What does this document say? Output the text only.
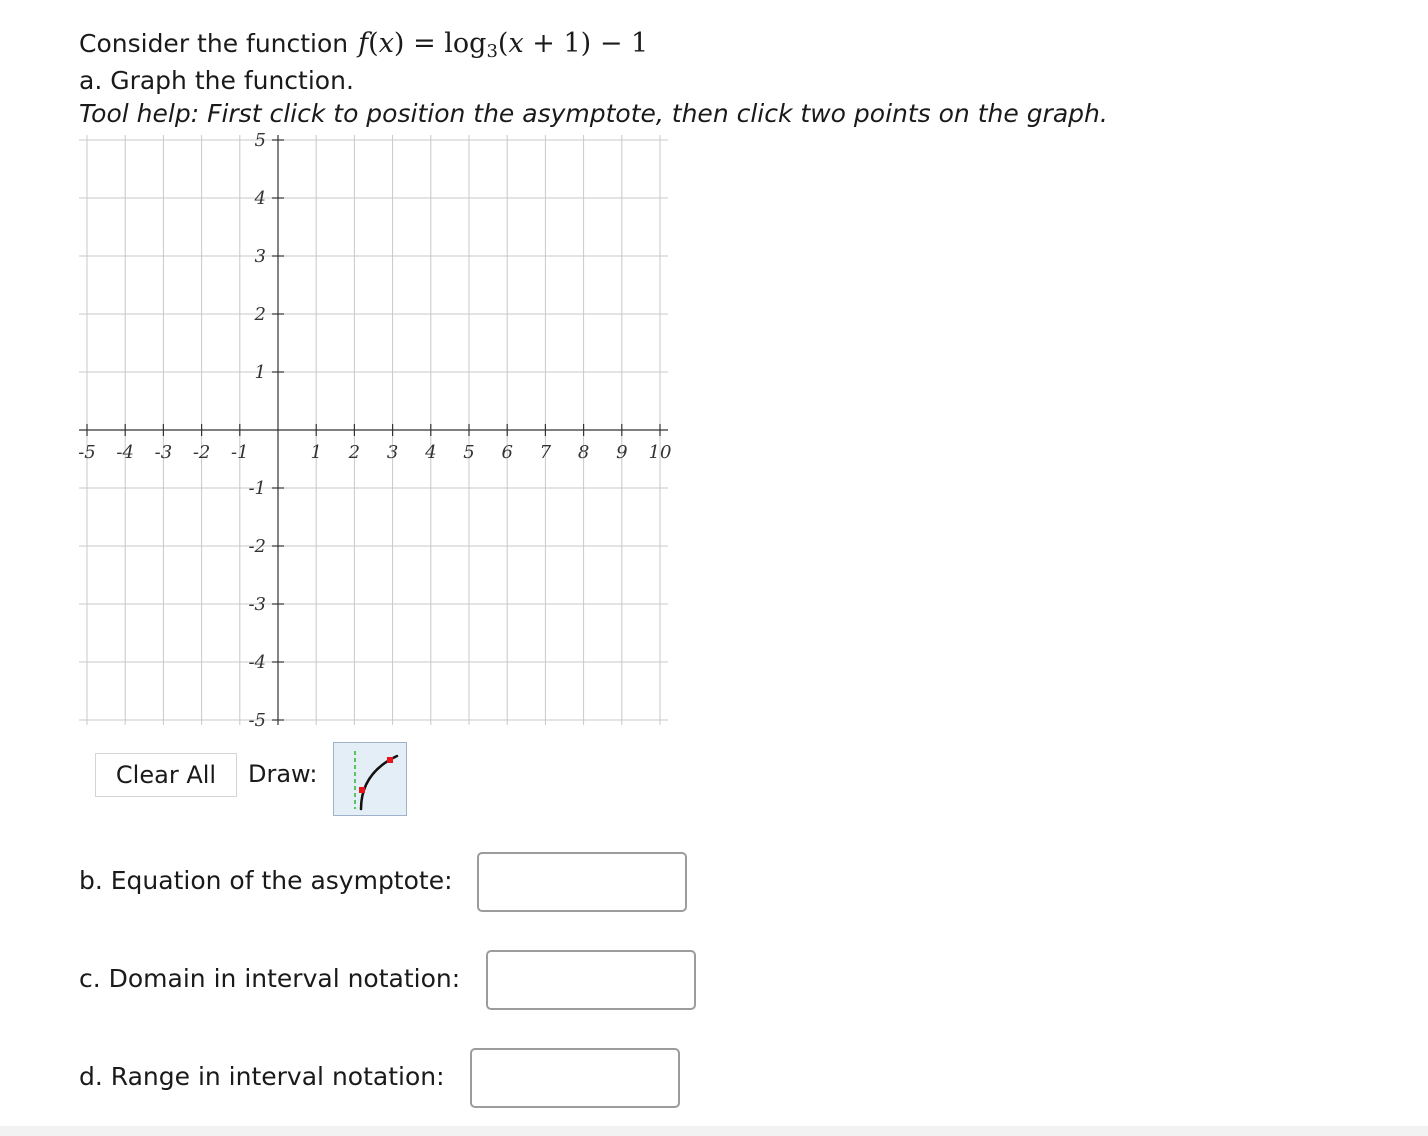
Consider the function $f(x) = \log_3(x + 1) - 1$
a. Graph the function.
Tool help: First click to position the asymptote, then click two points on the graph.
-5 -4 -3 -2 -1	1 2 3 4 5 6 7 8 9 10
5
4
3
2
1
-1
-2
-3
-4
-5
Clear All	Draw:
b. Equation of the asymptote:
c. Domain in interval notation:
d. Range in interval notation:
